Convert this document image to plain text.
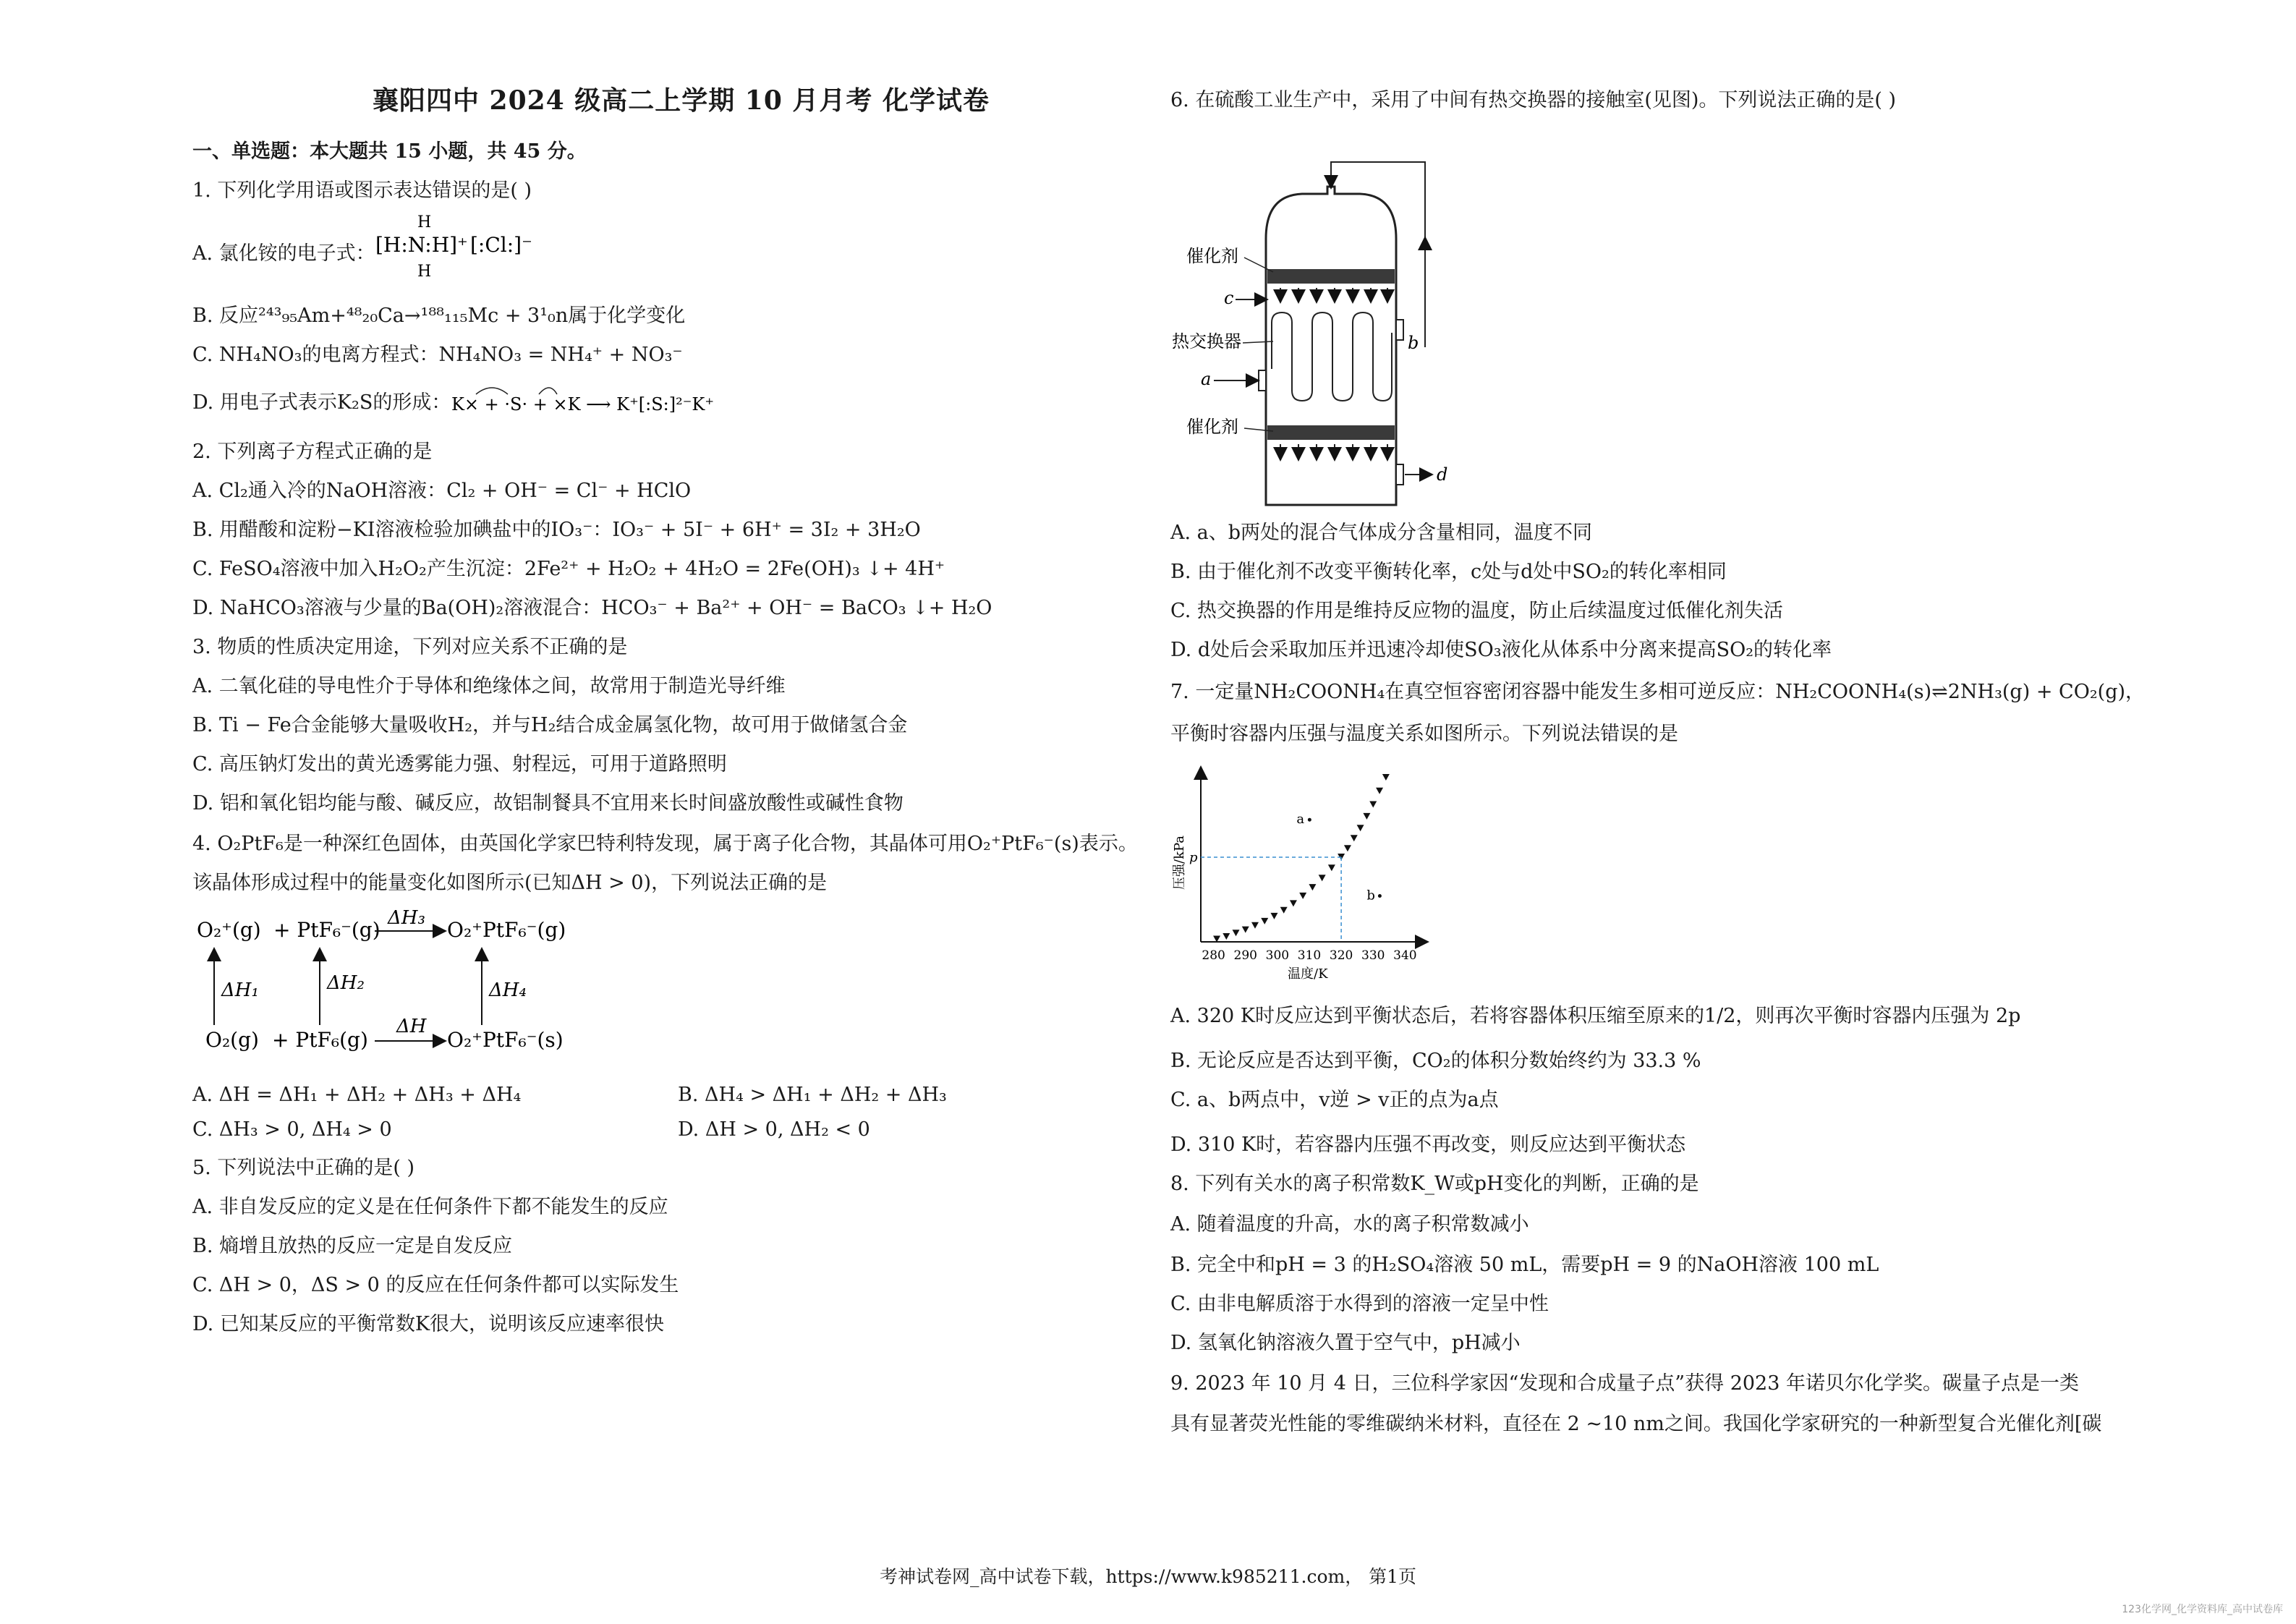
襄阳四中 2024 级高二上学期 10 月月考 化学试卷
一、单选题：本大题共 15 小题，共 45 分。
1. 下列化学用语或图示表达错误的是( )
A. 氯化铵的电子式：
H
[H:N:H]⁺
H
[:Cl:]⁻
B. 反应²⁴³₉₅Am+⁴⁸₂₀Ca→¹⁸⁸₁₁₅Mc + 3¹₀n属于化学变化
C. NH₄NO₃的电离方程式：NH₄NO₃ = NH₄⁺ + NO₃⁻
D. 用电子式表示K₂S的形成： K× + ·S· + ×K ⟶ K⁺[:S:]²⁻K⁺
2. 下列离子方程式正确的是
A. Cl₂通入冷的NaOH溶液：Cl₂ + OH⁻ = Cl⁻ + HClO
B. 用醋酸和淀粉−KI溶液检验加碘盐中的IO₃⁻：IO₃⁻ + 5I⁻ + 6H⁺ = 3I₂ + 3H₂O
C. FeSO₄溶液中加入H₂O₂产生沉淀：2Fe²⁺ + H₂O₂ + 4H₂O = 2Fe(OH)₃ ↓+ 4H⁺
D. NaHCO₃溶液与少量的Ba(OH)₂溶液混合：HCO₃⁻ + Ba²⁺ + OH⁻ = BaCO₃ ↓+ H₂O
3. 物质的性质决定用途，下列对应关系不正确的是
A. 二氧化硅的导电性介于导体和绝缘体之间，故常用于制造光导纤维
B. Ti − Fe合金能够大量吸收H₂，并与H₂结合成金属氢化物，故可用于做储氢合金
C. 高压钠灯发出的黄光透雾能力强、射程远，可用于道路照明
D. 铝和氧化铝均能与酸、碱反应，故铝制餐具不宜用来长时间盛放酸性或碱性食物
4. O₂PtF₆是一种深红色固体，由英国化学家巴特利特发现，属于离子化合物，其晶体可用O₂⁺PtF₆⁻(s)表示。
该晶体形成过程中的能量变化如图所示(已知ΔH > 0)，下列说法正确的是
O₂⁺(g) + PtF₆⁻(g)	O₂⁺PtF₆⁻(g)
O₂(g) + PtF₆(g)	O₂⁺PtF₆⁻(s)
ΔH₃
ΔH₁	ΔH₂	ΔH₄
ΔH
A. ΔH = ΔH₁ + ΔH₂ + ΔH₃ + ΔH₄	B. ΔH₄ > ΔH₁ + ΔH₂ + ΔH₃
C. ΔH₃ > 0, ΔH₄ > 0	D. ΔH > 0, ΔH₂ < 0
5. 下列说法中正确的是( )
A. 非自发反应的定义是在任何条件下都不能发生的反应
B. 熵增且放热的反应一定是自发反应
C. ΔH > 0，ΔS > 0 的反应在任何条件都可以实际发生
D. 已知某反应的平衡常数K很大，说明该反应速率很快
6. 在硫酸工业生产中，采用了中间有热交换器的接触室(见图)。下列说法正确的是( )
催化剂
催化剂
c
热交换器
a
b
d
A. a、b两处的混合气体成分含量相同，温度不同
B. 由于催化剂不改变平衡转化率，c处与d处中SO₂的转化率相同
C. 热交换器的作用是维持反应物的温度，防止后续温度过低催化剂失活
D. d处后会采取加压并迅速冷却使SO₃液化从体系中分离来提高SO₂的转化率
7. 一定量NH₂COONH₄在真空恒容密闭容器中能发生多相可逆反应：NH₂COONH₄(s)⇌2NH₃(g) + CO₂(g)，
平衡时容器内压强与温度关系如图所示。下列说法错误的是
压强/kPa
温度/K
p
280 290 300 310 320 330 340
a
b
A. 320 K时反应达到平衡状态后，若将容器体积压缩至原来的1/2，则再次平衡时容器内压强为 2p
B. 无论反应是否达到平衡，CO₂的体积分数始终约为 33.3 %
C. a、b两点中，v逆 > v正的点为a点
D. 310 K时，若容器内压强不再改变，则反应达到平衡状态
8. 下列有关水的离子积常数K_W或pH变化的判断，正确的是
A. 随着温度的升高，水的离子积常数减小
B. 完全中和pH = 3 的H₂SO₄溶液 50 mL，需要pH = 9 的NaOH溶液 100 mL
C. 由非电解质溶于水得到的溶液一定呈中性
D. 氢氧化钠溶液久置于空气中，pH减小
9. 2023 年 10 月 4 日，三位科学家因“发现和合成量子点”获得 2023 年诺贝尔化学奖。碳量子点是一类
具有显著荧光性能的零维碳纳米材料，直径在 2 ~10 nm之间。我国化学家研究的一种新型复合光催化剂[碳
考神试卷网_高中试卷下载，https://www.k985211.com， 第1页
123化学网_化学资料库_高中试卷库
